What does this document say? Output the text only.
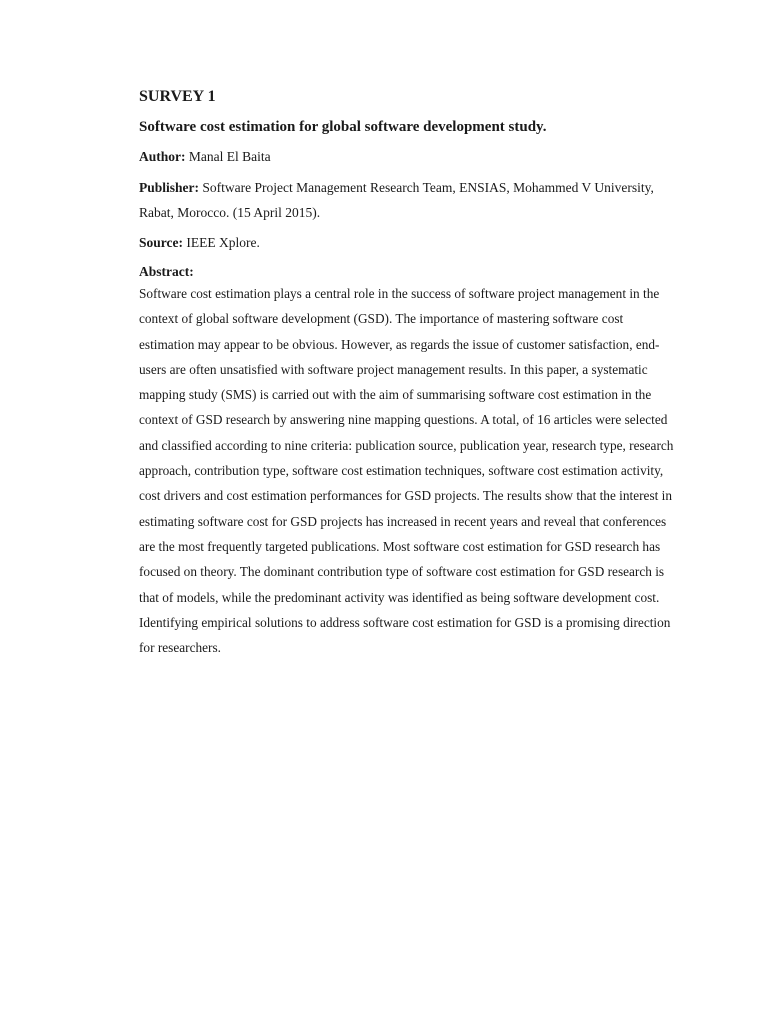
SURVEY 1
Software cost estimation for global software development study.

Author: Manal El Baita

Publisher: Software Project Management Research Team, ENSIAS, Mohammed V University, Rabat, Morocco. (15 April 2015).

Source: IEEE Xplore.

Abstract:

Software cost estimation plays a central role in the success of software project management in the context of global software development (GSD). The importance of mastering software cost estimation may appear to be obvious. However, as regards the issue of customer satisfaction, end-users are often unsatisfied with software project management results. In this paper, a systematic mapping study (SMS) is carried out with the aim of summarising software cost estimation in the context of GSD research by answering nine mapping questions. A total, of 16 articles were selected and classified according to nine criteria: publication source, publication year, research type, research approach, contribution type, software cost estimation techniques, software cost estimation activity, cost drivers and cost estimation performances for GSD projects. The results show that the interest in estimating software cost for GSD projects has increased in recent years and reveal that conferences are the most frequently targeted publications. Most software cost estimation for GSD research has focused on theory. The dominant contribution type of software cost estimation for GSD research is that of models, while the predominant activity was identified as being software development cost. Identifying empirical solutions to address software cost estimation for GSD is a promising direction for researchers.
